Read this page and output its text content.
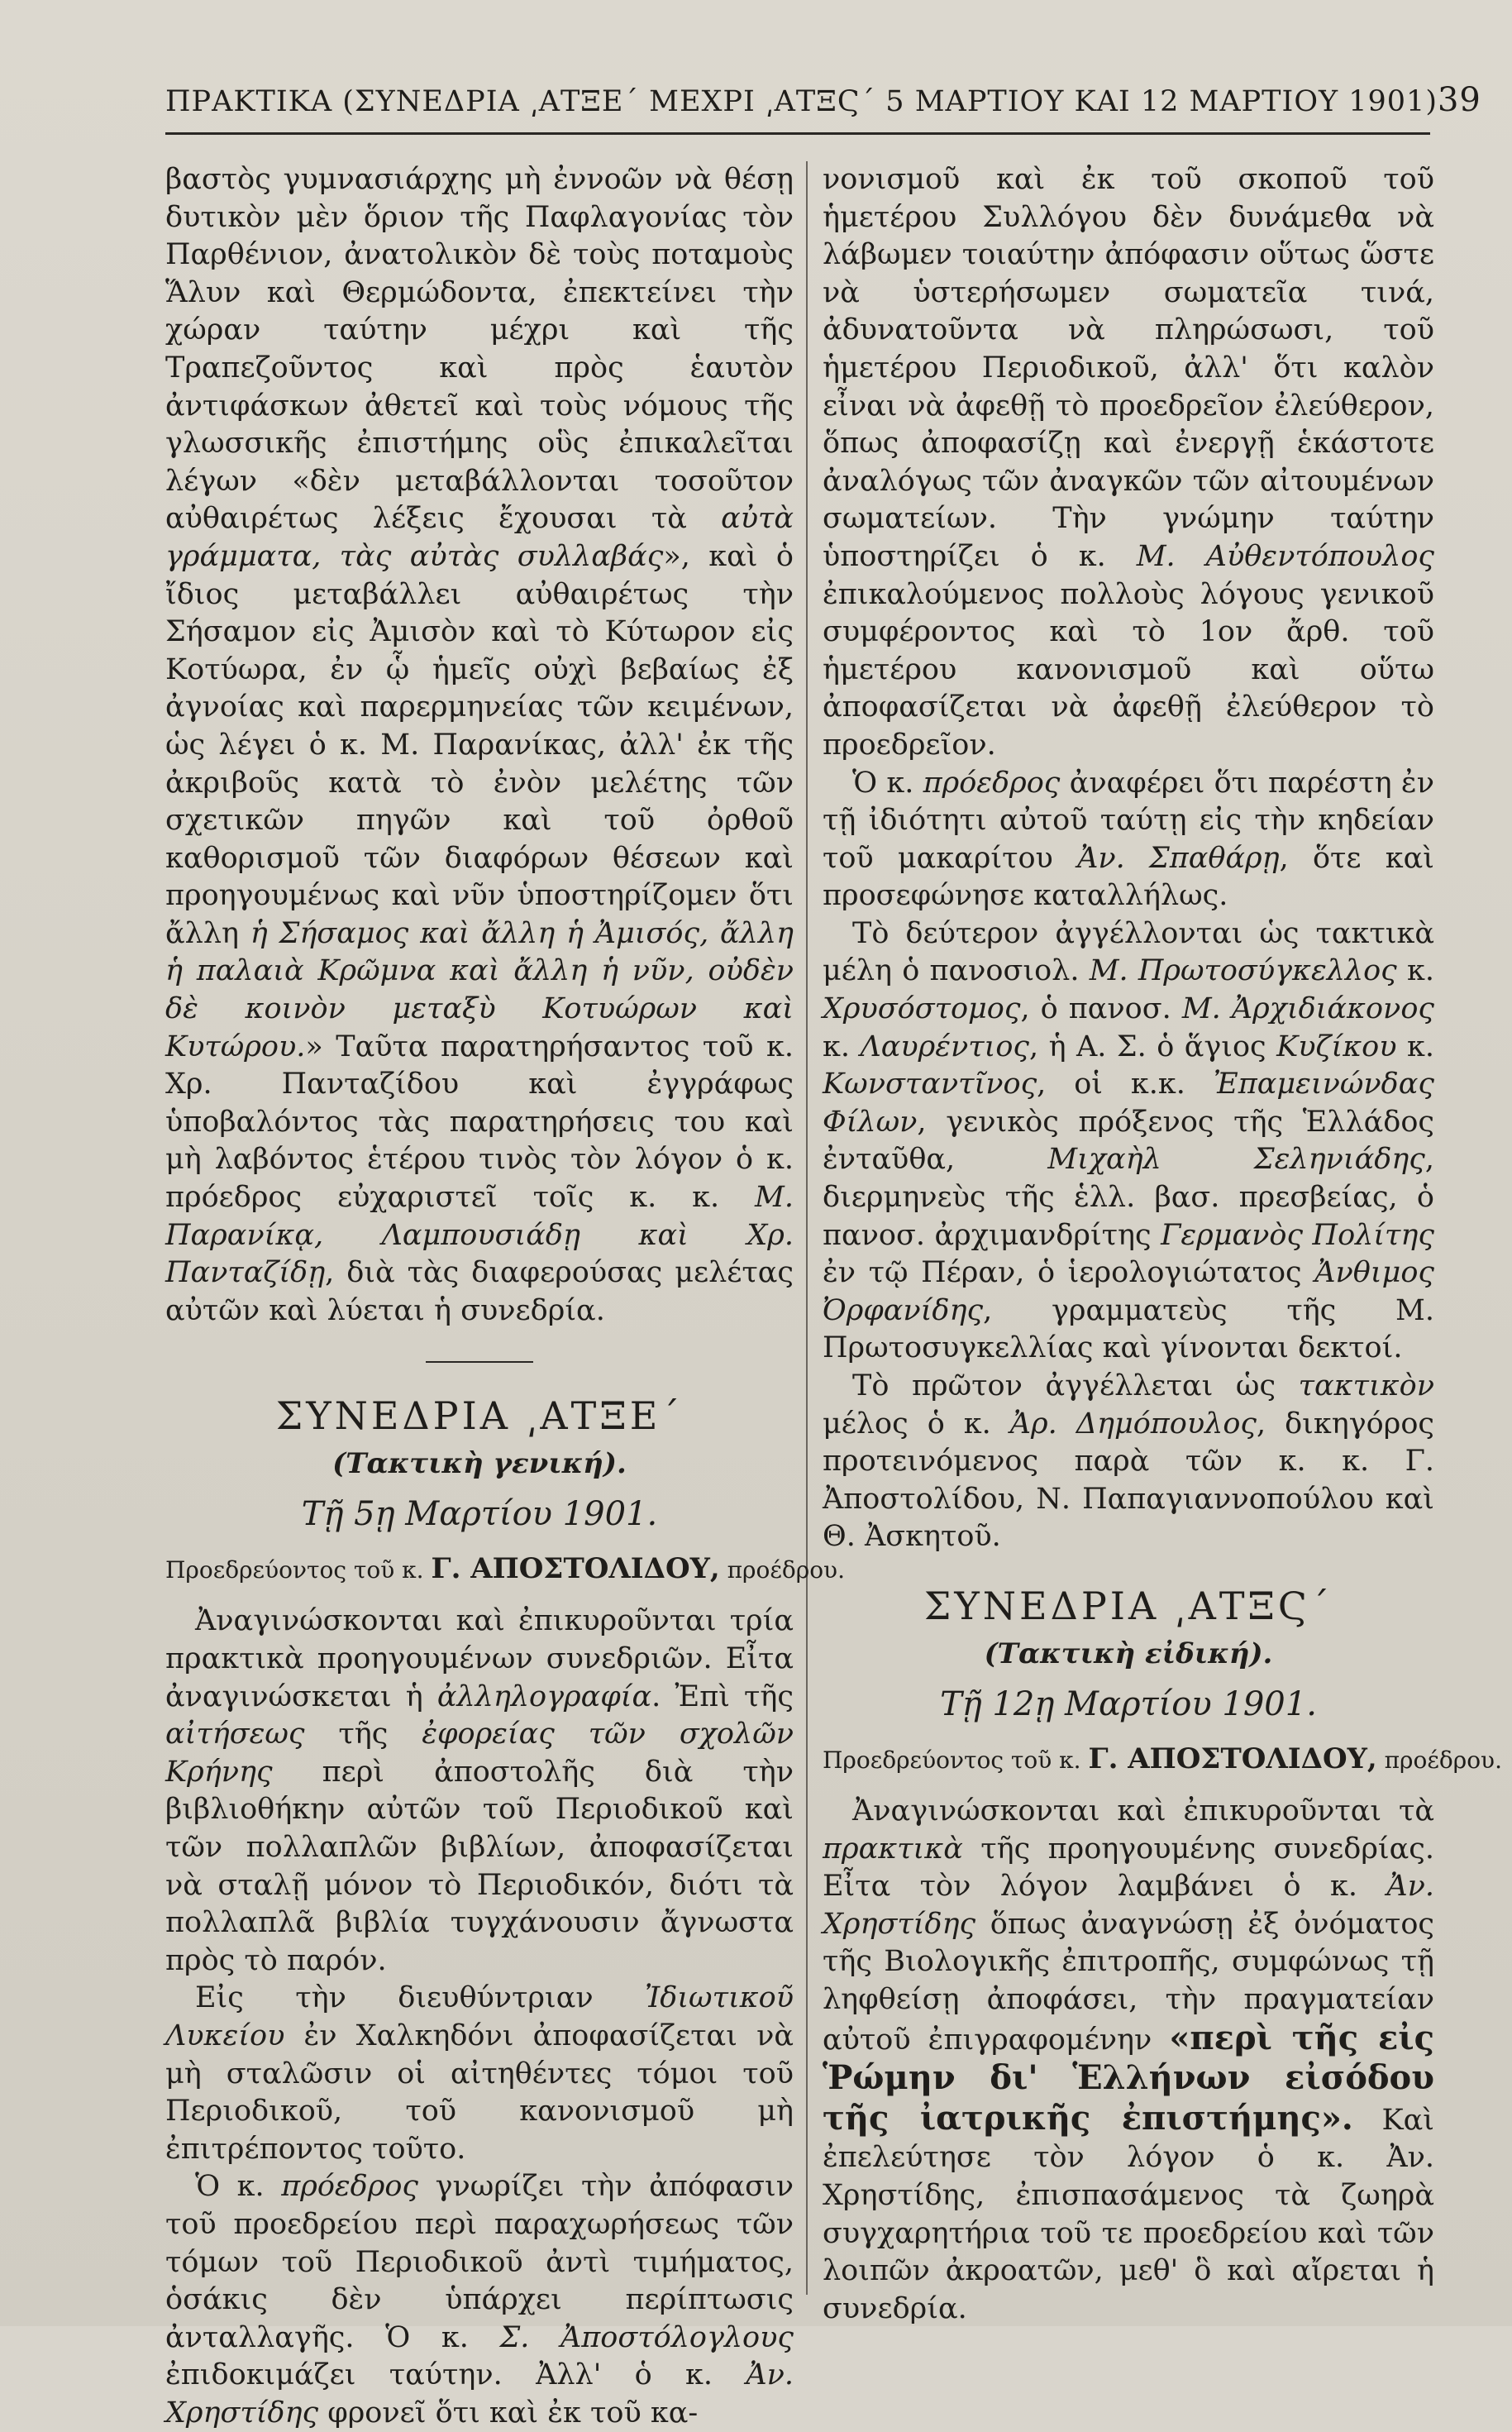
ΠΡΑΚΤΙΚΑ (ΣΥΝΕΔΡΙΑ ͵ΑΤΞΕ΄ ΜΕΧΡΙ ͵ΑΤΞϚ΄ 5 ΜΑΡΤΙΟΥ ΚΑΙ 12 ΜΑΡΤΙΟΥ 1901) 39

βαστὸς γυμνασιάρχης μὴ ἐννοῶν νὰ θέσῃ δυτικὸν μὲν ὅριον τῆς Παφλαγονίας τὸν Παρθένιον, ἀνατολικὸν δὲ τοὺς ποταμοὺς Ἅλυν καὶ Θερμώδοντα, ἐπεκτείνει τὴν χώραν ταύτην μέχρι καὶ τῆς Τραπεζοῦντος καὶ πρὸς ἑαυτὸν ἀντιφάσκων ἀθετεῖ καὶ τοὺς νόμους τῆς γλωσσικῆς ἐπιστήμης οὓς ἐπικαλεῖται λέγων «δὲν μεταβάλλονται τοσοῦτον αὐθαιρέτως λέξεις ἔχουσαι τὰ αὐτὰ γράμματα, τὰς αὐτὰς συλλαβάς», καὶ ὁ ἴδιος μεταβάλλει αὐθαιρέτως τὴν Σήσαμον εἰς Ἀμισὸν καὶ τὸ Κύτωρον εἰς Κοτύωρα, ἐν ᾧ ἡμεῖς οὐχὶ βεβαίως ἐξ ἀγνοίας καὶ παρερμηνείας τῶν κειμένων, ὡς λέγει ὁ κ. Μ. Παρανίκας, ἀλλ' ἐκ τῆς ἀκριβοῦς κατὰ τὸ ἐνὸν μελέτης τῶν σχετικῶν πηγῶν καὶ τοῦ ὀρθοῦ καθορισμοῦ τῶν διαφόρων θέσεων καὶ προηγουμένως καὶ νῦν ὑποστηρίζομεν ὅτι ἄλλη ἡ Σήσαμος καὶ ἄλλη ἡ Ἀμισός, ἄλλη ἡ παλαιὰ Κρῶμνα καὶ ἄλλη ἡ νῦν, οὐδὲν δὲ κοινὸν μεταξὺ Κοτυώρων καὶ Κυτώρου.» Ταῦτα παρατηρήσαντος τοῦ κ. Χρ. Πανταζίδου καὶ ἐγγράφως ὑποβαλόντος τὰς παρατηρήσεις του καὶ μὴ λαβόντος ἑτέρου τινὸς τὸν λόγον ὁ κ. πρόεδρος εὐχαριστεῖ τοῖς κ. κ. Μ. Παρανίκᾳ, Λαμπουσιάδῃ καὶ Χρ. Πανταζίδῃ, διὰ τὰς διαφερούσας μελέτας αὐτῶν καὶ λύεται ἡ συνεδρία.

ΣΥΝΕΔΡΙΑ ͵ΑΤΞΕ΄
(Τακτικὴ γενική).
Τῇ 5ῃ Μαρτίου 1901.
Προεδρεύοντος τοῦ κ. Γ. ΑΠΟΣΤΟΛΙΔΟΥ, προέδρου.

Ἀναγινώσκονται καὶ ἐπικυροῦνται τρία πρακτικὰ προηγουμένων συνεδριῶν. Εἶτα ἀναγινώσκεται ἡ ἀλληλογραφία. Ἐπὶ τῆς αἰτήσεως τῆς ἐφορείας τῶν σχολῶν Κρήνης περὶ ἀποστολῆς διὰ τὴν βιβλιοθήκην αὐτῶν τοῦ Περιοδικοῦ καὶ τῶν πολλαπλῶν βιβλίων, ἀποφασίζεται νὰ σταλῇ μόνον τὸ Περιοδικόν, διότι τὰ πολλαπλᾶ βιβλία τυγχάνουσιν ἄγνωστα πρὸς τὸ παρόν.

Εἰς τὴν διευθύντριαν Ἰδιωτικοῦ Λυκείου ἐν Χαλκηδόνι ἀποφασίζεται νὰ μὴ σταλῶσιν οἱ αἰτηθέντες τόμοι τοῦ Περιοδικοῦ, τοῦ κανονισμοῦ μὴ ἐπιτρέποντος τοῦτο.

Ὁ κ. πρόεδρος γνωρίζει τὴν ἀπόφασιν τοῦ προεδρείου περὶ παραχωρήσεως τῶν τόμων τοῦ Περιοδικοῦ ἀντὶ τιμήματος, ὁσάκις δὲν ὑπάρχει περίπτωσις ἀνταλλαγῆς. Ὁ κ. Σ. Ἀποστόλογλους ἐπιδοκιμάζει ταύτην. Ἀλλ' ὁ κ. Ἀν. Χρηστίδης φρονεῖ ὅτι καὶ ἐκ τοῦ κα-

νονισμοῦ καὶ ἐκ τοῦ σκοποῦ τοῦ ἡμετέρου Συλλόγου δὲν δυνάμεθα νὰ λάβωμεν τοιαύτην ἀπόφασιν οὕτως ὥστε νὰ ὑστερήσωμεν σωματεῖα τινά, ἀδυνατοῦντα νὰ πληρώσωσι, τοῦ ἡμετέρου Περιοδικοῦ, ἀλλ' ὅτι καλὸν εἶναι νὰ ἀφεθῇ τὸ προεδρεῖον ἐλεύθερον, ὅπως ἀποφασίζῃ καὶ ἐνεργῇ ἑκάστοτε ἀναλόγως τῶν ἀναγκῶν τῶν αἰτουμένων σωματείων. Τὴν γνώμην ταύτην ὑποστηρίζει ὁ κ. Μ. Αὐθεντόπουλος ἐπικαλούμενος πολλοὺς λόγους γενικοῦ συμφέροντος καὶ τὸ 1ον ἄρθ. τοῦ ἡμετέρου κανονισμοῦ καὶ οὕτω ἀποφασίζεται νὰ ἀφεθῇ ἐλεύθερον τὸ προεδρεῖον.

Ὁ κ. πρόεδρος ἀναφέρει ὅτι παρέστη ἐν τῇ ἰδιότητι αὐτοῦ ταύτῃ εἰς τὴν κηδείαν τοῦ μακαρίτου Ἀν. Σπαθάρῃ, ὅτε καὶ προσεφώνησε καταλλήλως.

Τὸ δεύτερον ἀγγέλλονται ὡς τακτικὰ μέλη ὁ πανοσιολ. Μ. Πρωτοσύγκελλος κ. Χρυσόστομος, ὁ πανοσ. Μ. Ἀρχιδιάκονος κ. Λαυρέντιος, ἡ Α. Σ. ὁ ἅγιος Κυζίκου κ. Κωνσταντῖνος, οἱ κ.κ. Ἐπαμεινώνδας Φίλων, γενικὸς πρόξενος τῆς Ἑλλάδος ἐνταῦθα, Μιχαὴλ Σεληνιάδης, διερμηνεὺς τῆς ἑλλ. βασ. πρεσβείας, ὁ πανοσ. ἀρχιμανδρίτης Γερμανὸς Πολίτης ἐν τῷ Πέραν, ὁ ἱερολογιώτατος Ἀνθιμος Ὀρφανίδης, γραμματεὺς τῆς Μ. Πρωτοσυγκελλίας καὶ γίνονται δεκτοί.

Τὸ πρῶτον ἀγγέλλεται ὡς τακτικὸν μέλος ὁ κ. Ἀρ. Δημόπουλος, δικηγόρος προτεινόμενος παρὰ τῶν κ. κ. Γ. Ἀποστολίδου, Ν. Παπαγιαννοπούλου καὶ Θ. Ἀσκητοῦ.

ΣΥΝΕΔΡΙΑ ͵ΑΤΞϚ΄
(Τακτικὴ εἰδική).
Τῇ 12ῃ Μαρτίου 1901.
Προεδρεύοντος τοῦ κ. Γ. ΑΠΟΣΤΟΛΙΔΟΥ, προέδρου.

Ἀναγινώσκονται καὶ ἐπικυροῦνται τὰ πρακτικὰ τῆς προηγουμένης συνεδρίας. Εἶτα τὸν λόγον λαμβάνει ὁ κ. Ἀν. Χρηστίδης ὅπως ἀναγνώσῃ ἐξ ὀνόματος τῆς Βιολογικῆς ἐπιτροπῆς, συμφώνως τῇ ληφθείσῃ ἀποφάσει, τὴν πραγματείαν αὐτοῦ ἐπιγραφομένην «περὶ τῆς εἰς Ῥώμην δι' Ἑλλήνων εἰσόδου τῆς ἰατρικῆς ἐπιστήμης». Καὶ ἐπελεύτησε τὸν λόγον ὁ κ. Ἀν. Χρηστίδης, ἐπισπασάμενος τὰ ζωηρὰ συγχαρητήρια τοῦ τε προεδρείου καὶ τῶν λοιπῶν ἀκροατῶν, μεθ' ὃ καὶ αἴρεται ἡ συνεδρία.
